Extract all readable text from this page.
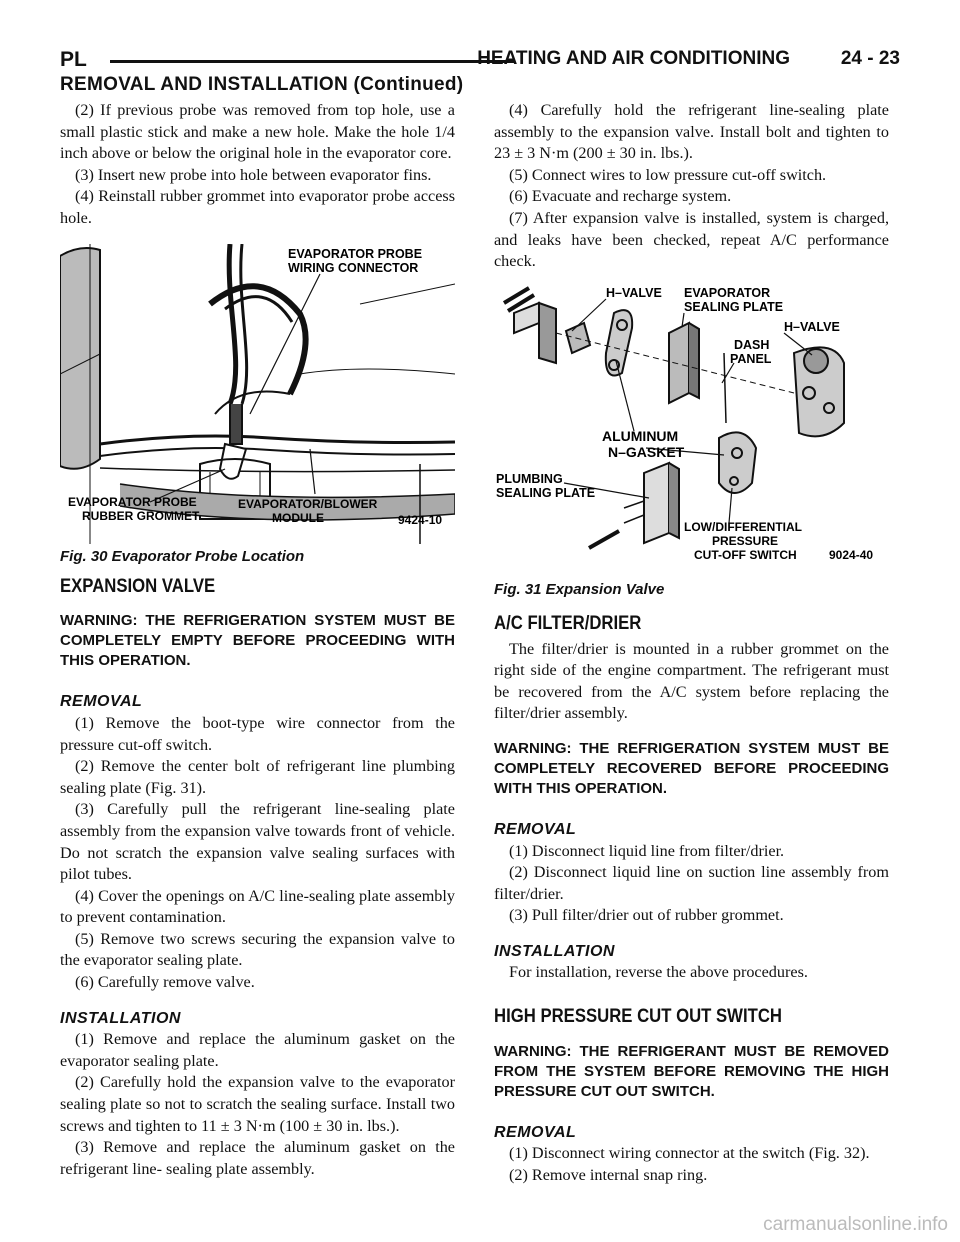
PL	HEATING AND AIR CONDITIONING	24 - 23
REMOVAL AND INSTALLATION (Continued)

(2) If previous probe was removed from top hole, use a small plastic stick and make a new hole. Make the hole 1/4 inch above or below the original hole in the evaporator core.

(3) Insert new probe into hole between evaporator fins.

(4) Reinstall rubber grommet into evaporator probe access hole.

EVAPORATOR PROBE
WIRING CONNECTOR
EVAPORATOR PROBE
RUBBER GROMMET
EVAPORATOR/BLOWER
MODULE	9424-10

Fig. 30 Evaporator Probe Location

EXPANSION VALVE

WARNING: THE REFRIGERATION SYSTEM MUST BE COMPLETELY EMPTY BEFORE PROCEEDING WITH THIS OPERATION.

REMOVAL

(1) Remove the boot-type wire connector from the pressure cut-off switch.

(2) Remove the center bolt of refrigerant line plumbing sealing plate (Fig. 31).

(3) Carefully pull the refrigerant line-sealing plate assembly from the expansion valve towards front of vehicle. Do not scratch the expansion valve sealing surfaces with pilot tubes.

(4) Cover the openings on A/C line-sealing plate assembly to prevent contamination.

(5) Remove two screws securing the expansion valve to the evaporator sealing plate.

(6) Carefully remove valve.

INSTALLATION

(1) Remove and replace the aluminum gasket on the evaporator sealing plate.

(2) Carefully hold the expansion valve to the evaporator sealing plate so not to scratch the sealing surface. Install two screws and tighten to 11 ± 3 N·m (100 ± 30 in. lbs.).

(3) Remove and replace the aluminum gasket on the refrigerant line- sealing plate assembly.

(4) Carefully hold the refrigerant line-sealing plate assembly to the expansion valve. Install bolt and tighten to 23 ± 3 N·m (200 ± 30 in. lbs.).

(5) Connect wires to low pressure cut-off switch.

(6) Evacuate and recharge system.

(7) After expansion valve is installed, system is charged, and leaks have been checked, repeat A/C performance check.

H–VALVE EVAPORATOR
SEALING PLATE
H–VALVE
DASH
PANEL
ALUMINUM
N–GASKET
PLUMBING
SEALING PLATE
LOW/DIFFERENTIAL
PRESSURE
CUT-OFF SWITCH	9024-40

Fig. 31 Expansion Valve

A/C FILTER/DRIER

The filter/drier is mounted in a rubber grommet on the right side of the engine compartment. The refrigerant must be recovered from the A/C system before replacing the filter/drier assembly.

WARNING: THE REFRIGERATION SYSTEM MUST BE COMPLETELY RECOVERED BEFORE PROCEEDING WITH THIS OPERATION.

REMOVAL

(1) Disconnect liquid line from filter/drier.

(2) Disconnect liquid line on suction line assembly from filter/drier.

(3) Pull filter/drier out of rubber grommet.

INSTALLATION

For installation, reverse the above procedures.

HIGH PRESSURE CUT OUT SWITCH

WARNING: THE REFRIGERANT MUST BE REMOVED FROM THE SYSTEM BEFORE REMOVING THE HIGH PRESSURE CUT OUT SWITCH.

REMOVAL

(1) Disconnect wiring connector at the switch (Fig. 32).

(2) Remove internal snap ring.

carmanualsonline.info
